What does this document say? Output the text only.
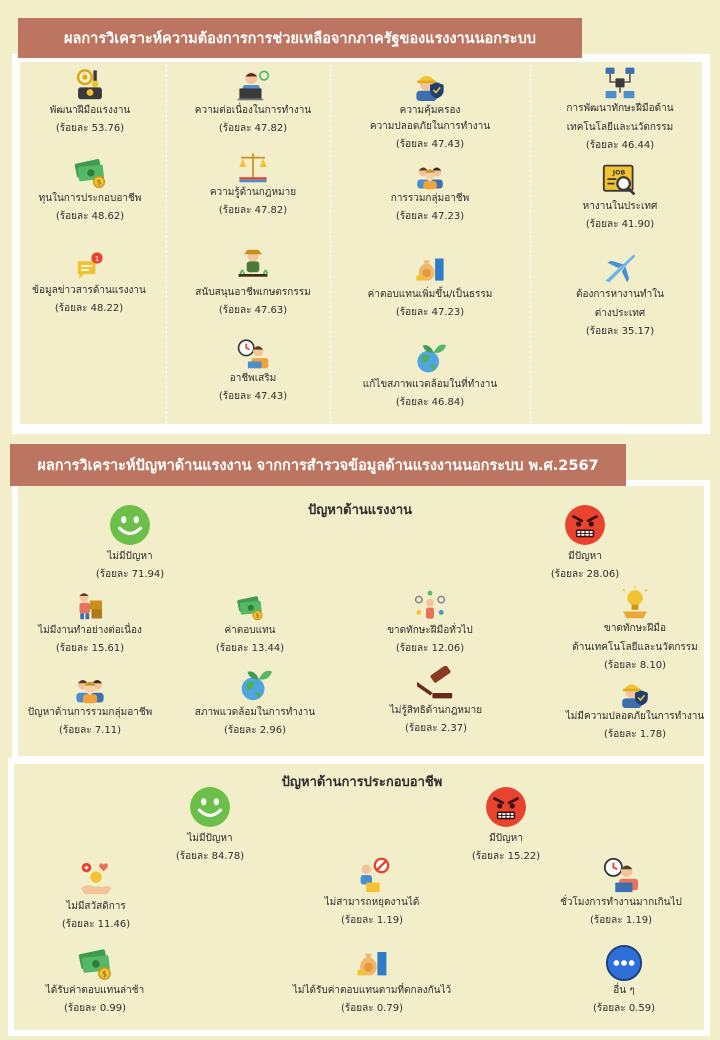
ผลการวิเคราะห์ความต้องการการช่วยเหลือจากภาครัฐของแรงงานนอกระบบ
พัฒนาฝีมือแรงงาน
(ร้อยละ 53.76)
ทุนในการประกอบอาชีพ
(ร้อยละ 48.62)
1
ข้อมูลข่าวสารด้านแรงงาน
(ร้อยละ 48.22)
ความต่อเนื่องในการทำงาน
(ร้อยละ 47.82)
ความรู้ด้านกฎหมาย
(ร้อยละ 47.82)
สนับสนุนอาชีพเกษตรกรรม
(ร้อยละ 47.63)
อาชีพเสริม
(ร้อยละ 47.43)
ความคุ้มครอง
ความปลอดภัยในการทำงาน
(ร้อยละ 47.43)
การรวมกลุ่มอาชีพ
(ร้อยละ 47.23)
ค่าตอบแทนเพิ่มขึ้น/เป็นธรรม
(ร้อยละ 47.23)
แก้ไขสภาพแวดล้อมในที่ทำงาน
(ร้อยละ 46.84)
การพัฒนาทักษะฝีมือด้าน
เทคโนโลยีและนวัตกรรม
(ร้อยละ 46.44)
JOB
หางานในประเทศ
(ร้อยละ 41.90)
ต้องการหางานทำใน
ต่างประเทศ
(ร้อยละ 35.17)
ผลการวิเคราะห์ปัญหาด้านแรงงาน จากการสำรวจข้อมูลด้านแรงงานนอกระบบ พ.ศ.2567
ปัญหาด้านแรงงาน
ไม่มีปัญหา
(ร้อยละ 71.94)
มีปัญหา
(ร้อยละ 28.06)
ไม่มีงานทำอย่างต่อเนื่อง
(ร้อยละ 15.61)
ค่าตอบแทน
(ร้อยละ 13.44)
ขาดทักษะฝีมือทั่วไป
(ร้อยละ 12.06)
ขาดทักษะฝีมือ
ด้านเทคโนโลยีและนวัตกรรม
(ร้อยละ 8.10)
ปัญหาด้านการรวมกลุ่มอาชีพ
(ร้อยละ 7.11)
สภาพแวดล้อมในการทำงาน
(ร้อยละ 2.96)
ไม่รู้สิทธิด้านกฎหมาย
(ร้อยละ 2.37)
ไม่มีความปลอดภัยในการทำงาน
(ร้อยละ 1.78)
ปัญหาด้านการประกอบอาชีพ
ไม่มีปัญหา
(ร้อยละ 84.78)
มีปัญหา
(ร้อยละ 15.22)
ไม่มีสวัสดิการ
(ร้อยละ 11.46)
ไม่สามารถหยุดงานได้
(ร้อยละ 1.19)
ชั่วโมงการทำงานมากเกินไป
(ร้อยละ 1.19)
ได้รับค่าตอบแทนล่าช้า
(ร้อยละ 0.99)
ไม่ได้รับค่าตอบแทนตามที่ตกลงกันไว้
(ร้อยละ 0.79)
อื่น ๆ
(ร้อยละ 0.59)
